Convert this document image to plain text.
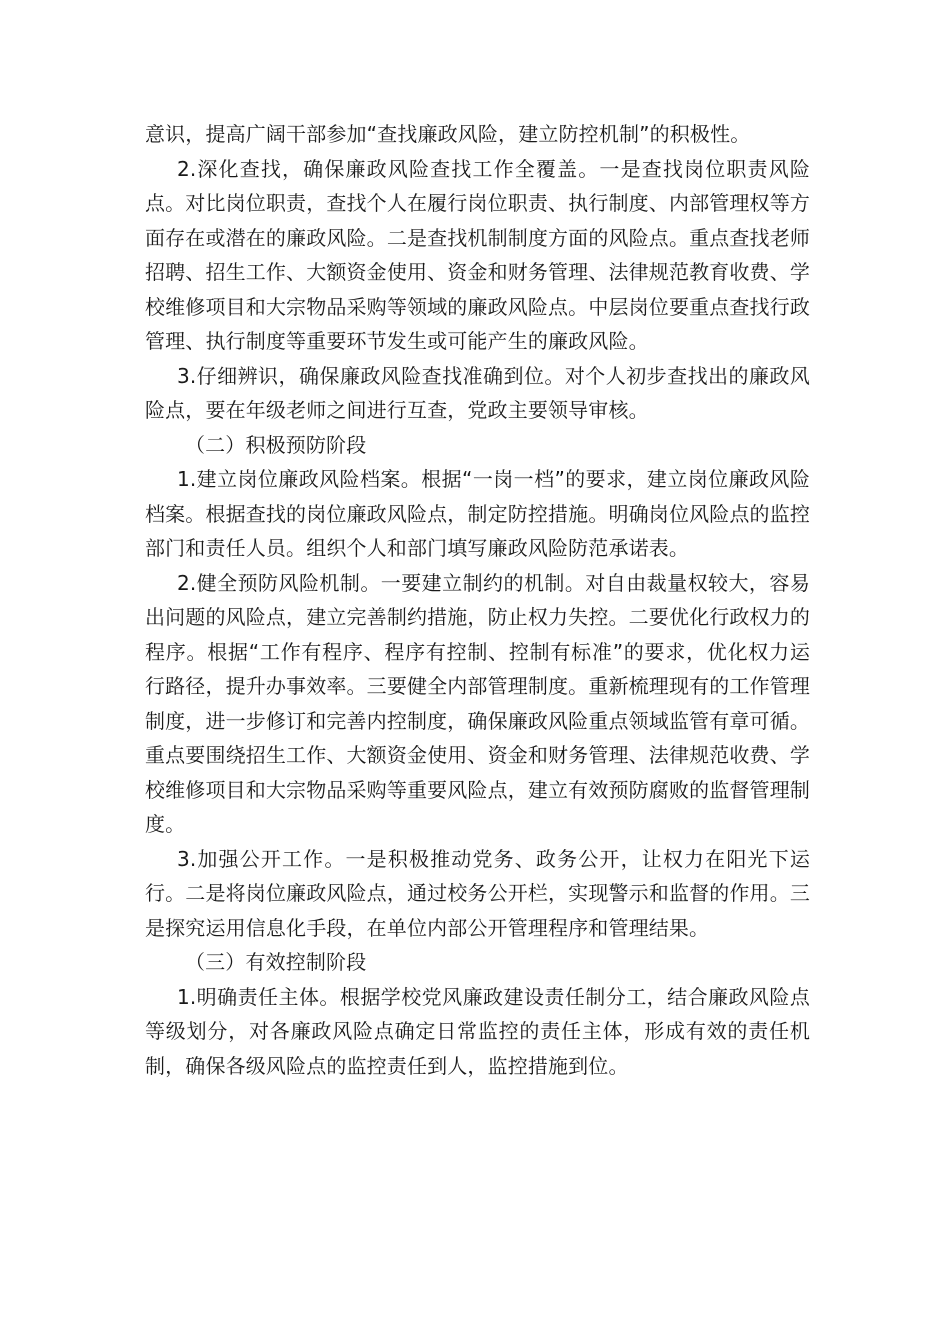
意识，提高广阔干部参加“查找廉政风险，建立防控机制”的积极性。

2.深化查找，确保廉政风险查找工作全覆盖。一是查找岗位职责风险点。对比岗位职责，查找个人在履行岗位职责、执行制度、内部管理权等方面存在或潜在的廉政风险。二是查找机制制度方面的风险点。重点查找老师招聘、招生工作、大额资金使用、资金和财务管理、法律规范教育收费、学校维修项目和大宗物品采购等领域的廉政风险点。中层岗位要重点查找行政管理、执行制度等重要环节发生或可能产生的廉政风险。

3.仔细辨识，确保廉政风险查找准确到位。对个人初步查找出的廉政风险点，要在年级老师之间进行互查，党政主要领导审核。

（二）积极预防阶段

1.建立岗位廉政风险档案。根据“一岗一档”的要求，建立岗位廉政风险档案。根据查找的岗位廉政风险点，制定防控措施。明确岗位风险点的监控部门和责任人员。组织个人和部门填写廉政风险防范承诺表。

2.健全预防风险机制。一要建立制约的机制。对自由裁量权较大，容易出问题的风险点，建立完善制约措施，防止权力失控。二要优化行政权力的程序。根据“工作有程序、程序有控制、控制有标准”的要求，优化权力运行路径，提升办事效率。三要健全内部管理制度。重新梳理现有的工作管理制度，进一步修订和完善内控制度，确保廉政风险重点领域监管有章可循。重点要围绕招生工作、大额资金使用、资金和财务管理、法律规范收费、学校维修项目和大宗物品采购等重要风险点，建立有效预防腐败的监督管理制度。

3.加强公开工作。一是积极推动党务、政务公开，让权力在阳光下运行。二是将岗位廉政风险点，通过校务公开栏，实现警示和监督的作用。三是探究运用信息化手段，在单位内部公开管理程序和管理结果。

（三）有效控制阶段

1.明确责任主体。根据学校党风廉政建设责任制分工，结合廉政风险点等级划分，对各廉政风险点确定日常监控的责任主体，形成有效的责任机制，确保各级风险点的监控责任到人，监控措施到位。
